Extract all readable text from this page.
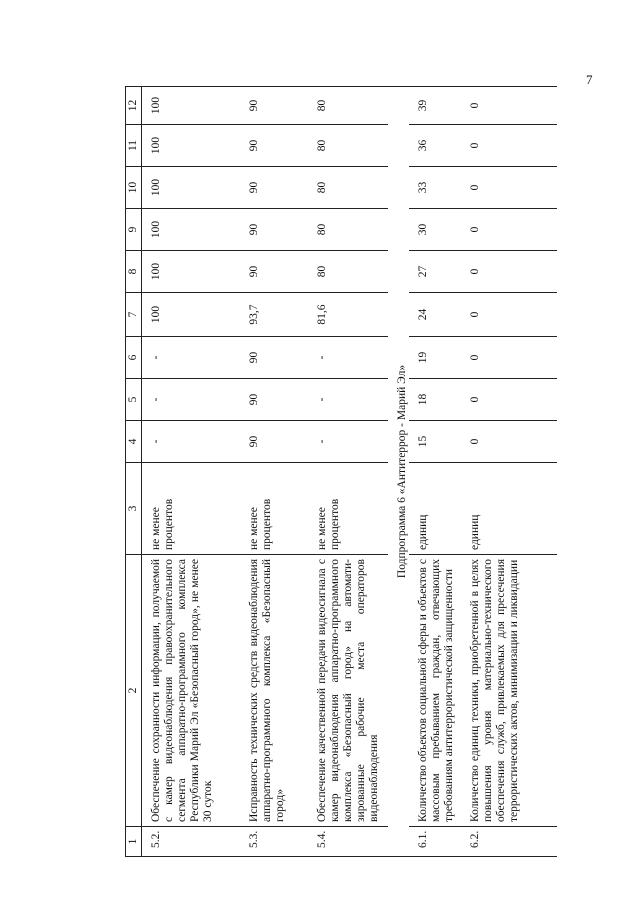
7
1	2	3	4	5	6	7	8	9	10	11	12
5.2.	Обеспечение сохранности информации, получаемой с камер видеонаблюдения правоохранительного сегмента аппаратно-программного комплекса Республики Марий Эл «Безопасный город», не менее 30 суток	не менее процентов	-	-	-	100	100	100	100	100	100
5.3.	Исправность технических средств видеонаблюдения аппаратно-программного комплекса «Безопасный город»	не менее процентов	90	90	90	93,7	90	90	90	90	90
5.4.	Обеспечение качественной передачи видеосигнала с камер видеонаблюдения аппаратно-программного комплекса «Безопасный город» на автомати-зированные рабочие места операторов видеонаблюдения	не менее процентов	-	-	-	81,6	80	80	80	80	80
Подпрограмма 6 «Антитеррор - Марий Эл»											
6.1.	Количество объектов социальной сферы и объектов с массовым пребыванием граждан, отвечающих требованиям антитеррористической защищенности	единиц	15	18	19	24	27	30	33	36	39
6.2.	Количество единиц техники, приобретенной в целях повышения уровня материально-технического обеспечения служб, привлекаемых для пресечения террористических актов, минимизации и ликвидации	единиц	0	0	0	0	0	0	0	0	0
